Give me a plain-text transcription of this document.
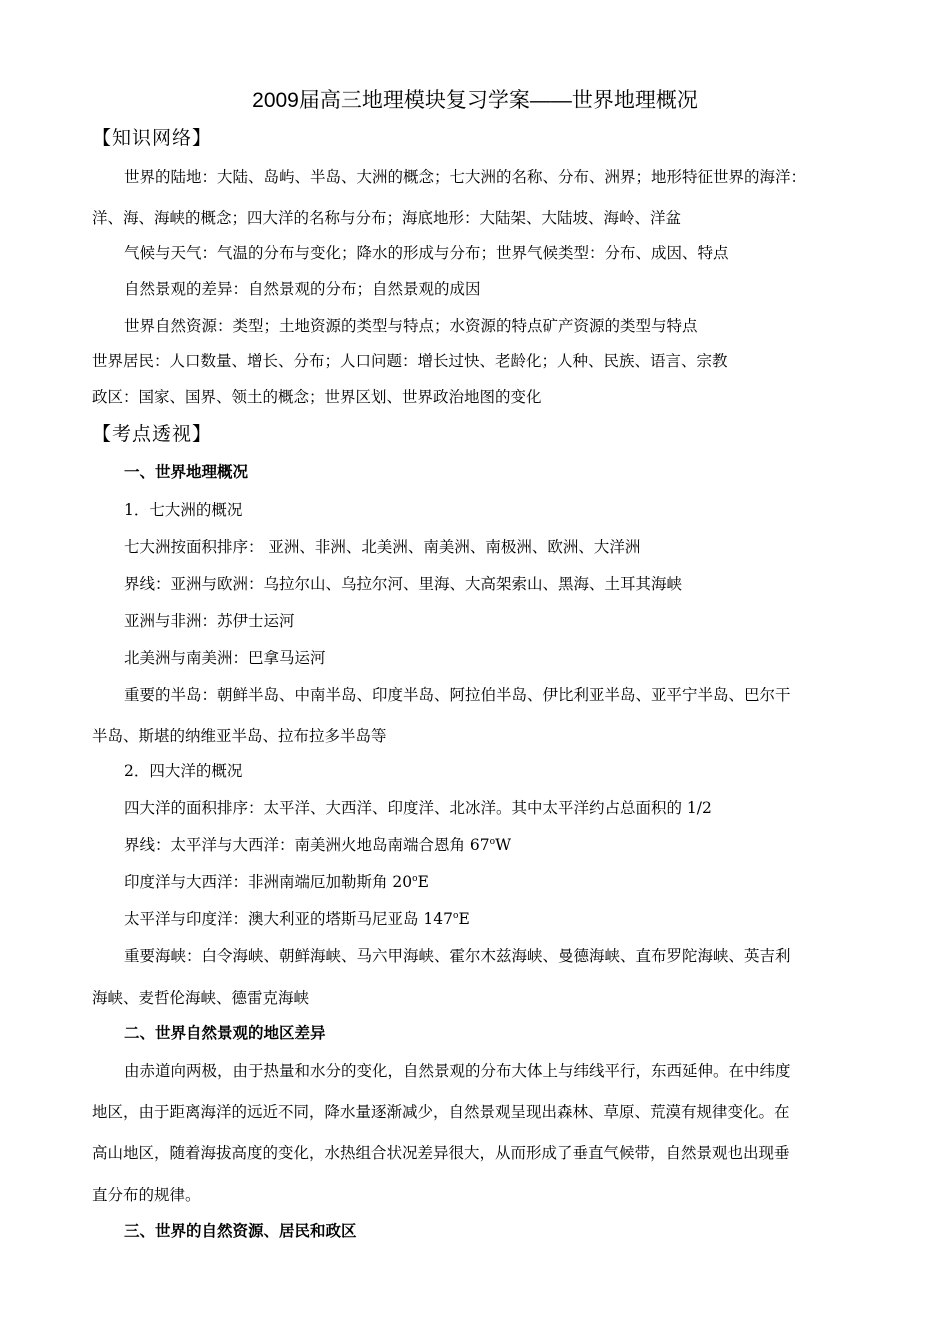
2009届高三地理模块复习学案——世界地理概况
【知识网络】
世界的陆地：大陆、岛屿、半岛、大洲的概念；七大洲的名称、分布、洲界；地形特征世界的海洋：
洋、海、海峡的概念；四大洋的名称与分布；海底地形：大陆架、大陆坡、海岭、洋盆
气候与天气：气温的分布与变化；降水的形成与分布；世界气候类型：分布、成因、特点
自然景观的差异：自然景观的分布；自然景观的成因
世界自然资源：类型；土地资源的类型与特点；水资源的特点矿产资源的类型与特点
世界居民：人口数量、增长、分布；人口问题：增长过快、老龄化；人种、民族、语言、宗教
政区：国家、国界、领土的概念；世界区划、世界政治地图的变化
【考点透视】
一、世界地理概况
1．七大洲的概况
七大洲按面积排序： 亚洲、非洲、北美洲、南美洲、南极洲、欧洲、大洋洲
界线：亚洲与欧洲：乌拉尔山、乌拉尔河、里海、大高架索山、黑海、土耳其海峡
亚洲与非洲：苏伊士运河
北美洲与南美洲：巴拿马运河
重要的半岛：朝鲜半岛、中南半岛、印度半岛、阿拉伯半岛、伊比利亚半岛、亚平宁半岛、巴尔干
半岛、斯堪的纳维亚半岛、拉布拉多半岛等
2．四大洋的概况
四大洋的面积排序：太平洋、大西洋、印度洋、北冰洋。其中太平洋约占总面积的 1/2
界线：太平洋与大西洋：南美洲火地岛南端合恩角 67$^o$W
印度洋与大西洋：非洲南端厄加勒斯角 20$^o$E
太平洋与印度洋：澳大利亚的塔斯马尼亚岛 147$^o$E
重要海峡：白令海峡、朝鲜海峡、马六甲海峡、霍尔木兹海峡、曼德海峡、直布罗陀海峡、英吉利
海峡、麦哲伦海峡、德雷克海峡
二、世界自然景观的地区差异
由赤道向两极，由于热量和水分的变化，自然景观的分布大体上与纬线平行，东西延伸。在中纬度
地区，由于距离海洋的远近不同，降水量逐渐减少，自然景观呈现出森林、草原、荒漠有规律变化。在
高山地区，随着海拔高度的变化，水热组合状况差异很大，从而形成了垂直气候带，自然景观也出现垂
直分布的规律。
三、世界的自然资源、居民和政区
